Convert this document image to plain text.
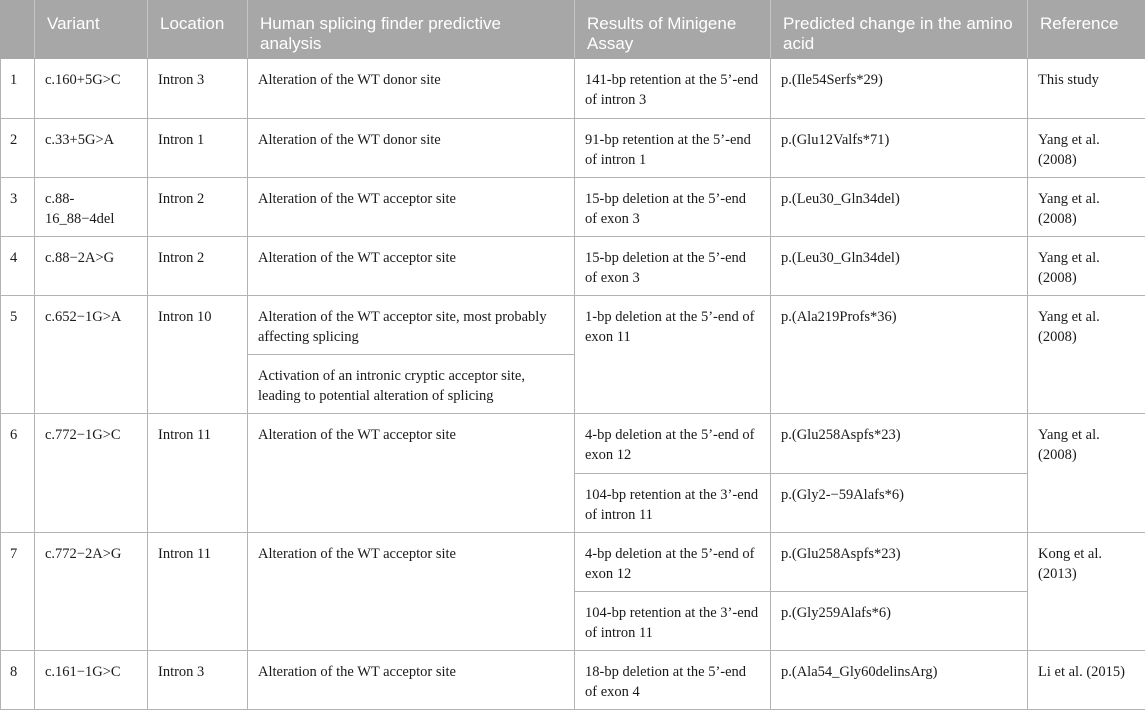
	Variant	Location	Human splicing finder predictive analysis	Results of Minigene Assay	Predicted change in the amino acid	Reference
1	c.160+5G>C	Intron 3	Alteration of the WT donor site	141-bp retention at the 5’-end of intron 3	p.(Ile54Serfs*29)	This study
2	c.33+5G>A	Intron 1	Alteration of the WT donor site	91-bp retention at the 5’-end of intron 1	p.(Glu12Valfs*71)	Yang et al. (2008)
3	c.88-16_88−4del	Intron 2	Alteration of the WT acceptor site	15-bp deletion at the 5’-end of exon 3	p.(Leu30_Gln34del)	Yang et al. (2008)
4	c.88−2A>G	Intron 2	Alteration of the WT acceptor site	15-bp deletion at the 5’-end of exon 3	p.(Leu30_Gln34del)	Yang et al. (2008)
5	c.652−1G>A	Intron 10	Alteration of the WT acceptor site, most probably affecting splicing	1-bp deletion at the 5’-end of exon 11	p.(Ala219Profs*36)	Yang et al. (2008)
			Activation of an intronic cryptic acceptor site, leading to potential alteration of splicing			
6	c.772−1G>C	Intron 11	Alteration of the WT acceptor site	4-bp deletion at the 5’-end of exon 12	p.(Glu258Aspfs*23)	Yang et al. (2008)
				104-bp retention at the 3’-end of intron 11	p.(Gly2-−59Alafs*6)	
7	c.772−2A>G	Intron 11	Alteration of the WT acceptor site	4-bp deletion at the 5’-end of exon 12	p.(Glu258Aspfs*23)	Kong et al. (2013)
				104-bp retention at the 3’-end of intron 11	p.(Gly259Alafs*6)	
8	c.161−1G>C	Intron 3	Alteration of the WT acceptor site	18-bp deletion at the 5’-end of exon 4	p.(Ala54_Gly60delinsArg)	Li et al. (2015)
